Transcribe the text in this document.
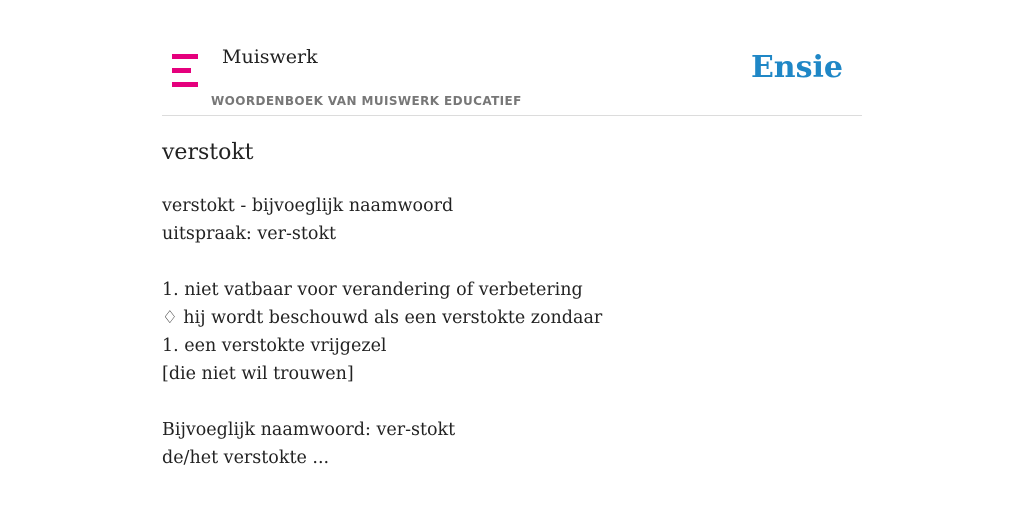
Muiswerk
WOORDENBOEK VAN MUISWERK EDUCATIEF
Ensie
verstokt
verstokt - bijvoeglijk naamwoord
uitspraak: ver-stokt
1. niet vatbaar voor verandering of verbetering
♢ hij wordt beschouwd als een verstokte zondaar
1. een verstokte vrijgezel
[die niet wil trouwen]
Bijvoeglijk naamwoord: ver-stokt
de/het verstokte ...
